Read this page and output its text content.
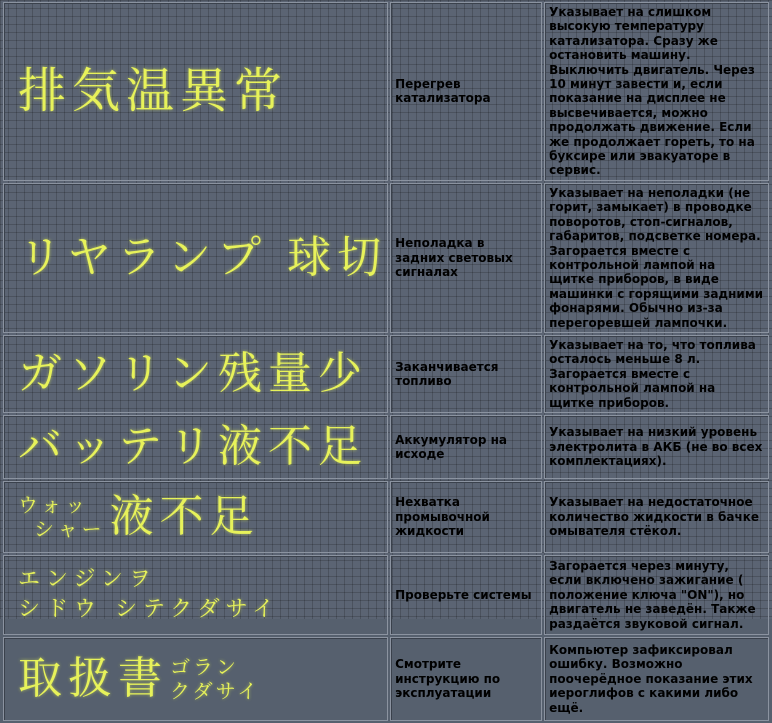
排気温異常	Перегрев катализатора	Указывает на слишком высокую температуру катализатора. Сразу же остановить машину. Выключить двигатель. Через 10 минут завести и, если показание на дисплее не высвечивается, можно продолжать движение. Если же продолжает гореть, то на буксире или эвакуаторе в сервис.

リヤランプ 球切	Неполадка в задних световых сигналах	Указывает на неполадки (не горит, замыкает) в проводке поворотов, стоп-сигналов, габаритов, подсветке номера. Загорается вместе с контрольной лампой на щитке приборов, в виде машинки с горящими задними фонарями. Обычно из-за перегоревшей лампочки.

ガソリン残量少	Заканчивается топливо	Указывает на то, что топлива осталось меньше 8 л. Загорается вместе с контрольной лампой на щитке приборов.

バッテリ液不足	Аккумулятор на исходе	Указывает на низкий уровень электролита в АКБ (не во всех комплектациях).

ウォッ
シャー 液不足	Нехватка промывочной жидкости	Указывает на недостаточное количество жидкости в бачке омывателя стёкол.

エンジンヲ
シドウ シテクダサイ	Проверьте системы	Загорается через минуту, если включено зажигание ( положение ключа "ON"), но двигатель не заведён. Также раздаётся звуковой сигнал.

取扱書 ゴラン
クダサイ	Смотрите инструкцию по эксплуатации	Компьютер зафиксировал ошибку. Возможно поочерёдное показание этих иероглифов с какими либо ещё.
